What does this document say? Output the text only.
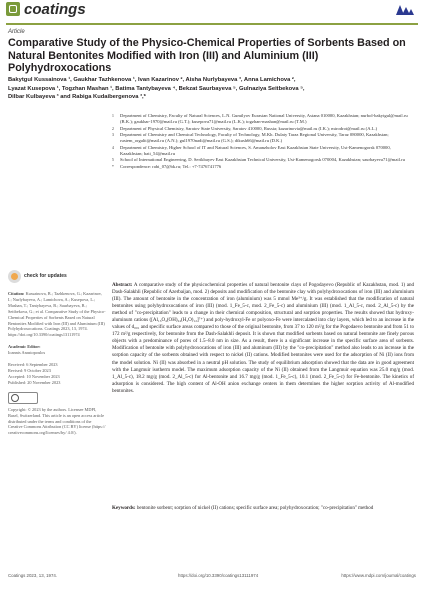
coatings
Article
Comparative Study of the Physico-Chemical Properties of Sorbents Based on Natural Bentonites Modified with Iron (III) and Aluminium (III) Polyhydroxocations
Bakytgul Kussainova ¹, Gaukhar Tazhkenova ¹, Ivan Kazarinov ², Aisha Nurlybayeva ³, Anna Lamichova ²,
Lyazat Kusepova ¹, Togzhan Mashan ¹, Batima Tantybayeva ⁴, Bekzat Saurbayeva ⁵, Gulnaziya Seitbekova ⁵,
Dilbar Kulbayeva ³ and Rabiga Kudaibergenova ³,*
1 Department of Chemistry, Faculty of Natural Sciences, L.N. Gumilyov Eurasian National University, Astana 010000, Kazakhstan; nurbol-bakytgul@mail.ru (B.K.); gaukhar-1970@mail.ru (G.T.); kusepova71@mail.ru (L.K.); togzhan-mashan@mail.ru (T.M.)
2 Department of Physical Chemistry, Saratov State University, Saratov 410000, Russia; kazarinovia@mail.ru (I.K.); mirodroi@mail.ru (A.L.)
3 Department of Chemistry and Chemical Technology, Faculty of Technology, M.Kh. Dulaty Taraz Regional University, Taraz 080000, Kazakhstan; rustem_orgalit@mail.ru (A.N.); gul1970nadi@mail.ru (G.S.); dikush66@mail.ru (D.K.)
4 Department of Chemistry, Higher School of IT and Natural Sciences, S. Amanzholov East Kazakhstan State University, Ust-Kamenogorsk 070000, Kazakhstan; bati_54@mail.ru
5 School of International Engineering, D. Serikbayev East Kazakhstan Technical University, Ust-Kamenogorsk 070004, Kazakhstan; saurbayeva71@mail.ru
* Correspondence: rabi_07@bk.ru; Tel.: +7-7476741776
check for updates
Citation: Kussainova, B.; Tazhkenova, G.; Kazarinov, I.; Nurlybayeva, A.; Lamichova, A.; Kusepova, L.; Mashan, T.; Tantybayeva, B.; Saurbayeva, B.; Seitbekova, G.; et al. Comparative Study of the Physico-Chemical Properties of Sorbents Based on Natural Bentonites Modified with Iron (III) and Aluminium (III) Polyhydroxocations. Coatings 2023, 13, 1974. https://doi.org/10.3390/coatings13111974
Academic Editor:
Ioannis Anastopoulos
Received: 6 September 2023
Revised: 9 October 2023
Accepted: 10 November 2023
Published: 20 November 2023
Copyright: © 2023 by the authors. Licensee MDPI, Basel, Switzerland. This article is an open access article distributed under the terms and conditions of the Creative Commons Attribution (CC BY) license (https:// creativecommons.org/licenses/by/ 4.0/).
Abstract: A comparative study of the physicochemical properties of natural bentonite clays of Pogodayevo (Republic of Kazakhstan, mod. 1) and Dash-Salakhli (Republic of Azerbaijan, mod. 2) deposits and modification of the bentonite clay with polyhydroxocations of iron (III) and aluminium (III). The amount of bentonite in the concentration of iron (aluminium) was 5 mmol Me³⁺/g. It was established that the modification of natural bentonites using polyhydroxocations of iron (III) (mod. 1_Fe_5-c, mod. 2_Fe_5-c) and aluminium (III) (mod. 1_Al_5-c, mod. 2_Al_5-c) by the method of "co-precipitation" leads to a change in their chemical composition, structural and sorption properties. The results showed that hydroxy-aluminum cations ([Al₁₃O₄(OH)₂₄(H₂O)₁₂]⁷⁺) and poly-hydroxyl-Fe or polyoxo-Fe were intercalated into clay layers, which led to an increase in the values of d₀₀₁ and specific surface areas compared to those of the original bentonite, from 37 to 120 m²/g for the Pogodaevo bentonite and from 51 to 172 m²/g respectively, for bentonite from the Dash-Salakhli deposit. It is shown that modified sorbents based on natural bentonite are finely porous objects with a predominance of pores of 1.5–8.0 nm in size. As a result, there is a significant increase in the specific surface area of sorbents. Modification of bentonite with polyhydroxocations of iron (III) and aluminum (III) by the "co-precipitation" method also leads to an increase in the sorption capacity of the sorbents obtained with respect to nickel (II) cations. Modified bentonites were used for the adsorption of Ni (II) ions from the model solution. Ni (II) was absorbed in a neutral pH solution. The study of equilibrium adsorption showed that the data are in good agreement with the Langmuir isotherm model. The maximum adsorption capacity of the Ni (II) obtained from the Langmuir equation was 25.0 mg/g (mod. 1_Al_5-c), 18.2 mg/g (mod. 2_Al_5-c) for Al-bentonite and 16.7 mg/g (mod. 1_Fe_5-c), 10.1 (mod. 2_Fe_5-c) for Fe-bentonite. The kinetics of adsorption is considered. The high content of Al-OH anion exchange centers in them determines the higher sorption activity of Al-modified bentonites.
Keywords: bentonite sorbent; sorption of nickel (II) cations; specific surface area; polyhydroxocation; "co-precipitation" method
Coatings 2023, 13, 1974.	https://doi.org/10.3390/coatings13111974	https://www.mdpi.com/journal/coatings
